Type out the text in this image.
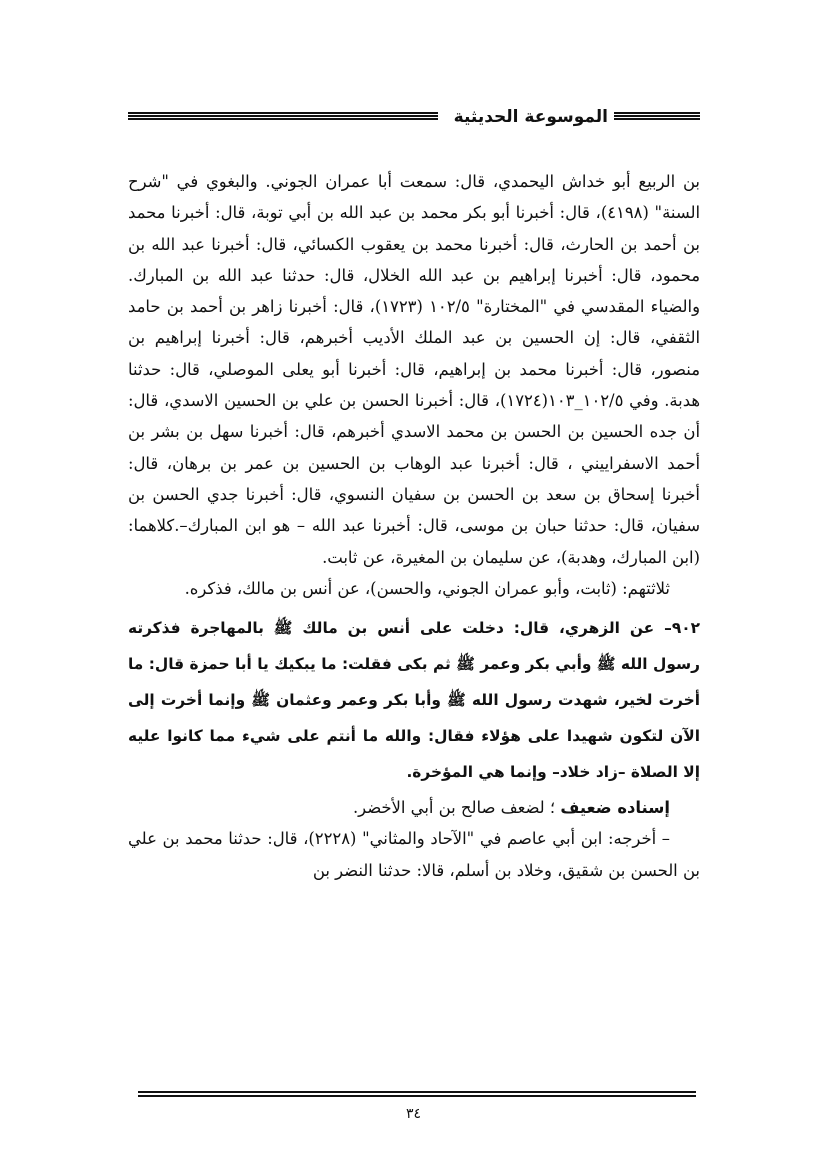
الموسوعة الحديثية

بن الربيع أبو خداش اليحمدي، قال: سمعت أبا عمران الجوني. والبغوي في "شرح السنة" (٤١٩٨)، قال: أخبرنا أبو بكر محمد بن عبد الله بن أبي توبة، قال: أخبرنا محمد بن أحمد بن الحارث، قال: أخبرنا محمد بن يعقوب الكسائي، قال: أخبرنا عبد الله بن محمود، قال: أخبرنا إبراهيم بن عبد الله الخلال، قال: حدثنا عبد الله بن المبارك. والضياء المقدسي في "المختارة" ١٠٢/٥ (١٧٢٣)، قال: أخبرنا زاهر بن أحمد بن حامد الثقفي، قال: إن الحسين بن عبد الملك الأديب أخبرهم، قال: أخبرنا إبراهيم بن منصور، قال: أخبرنا محمد بن إبراهيم، قال: أخبرنا أبو يعلى الموصلي، قال: حدثنا هدبة. وفي ١٠٢/٥_١٠٣(١٧٢٤)، قال: أخبرنا الحسن بن علي بن الحسين الاسدي، قال: أن جده الحسين بن الحسن بن محمد الاسدي أخبرهم، قال: أخبرنا سهل بن بشر بن أحمد الاسفراييني ، قال: أخبرنا عبد الوهاب بن الحسين بن عمر بن برهان، قال: أخبرنا إسحاق بن سعد بن الحسن بن سفيان النسوي، قال: أخبرنا جدي الحسن بن سفيان، قال: حدثنا حبان بن موسى، قال: أخبرنا عبد الله – هو ابن المبارك–.كلاهما: (ابن المبارك، وهدبة)، عن سليمان بن المغيرة، عن ثابت.

ثلاثتهم: (ثابت، وأبو عمران الجوني، والحسن)، عن أنس بن مالك، فذكره.

٩٠٢– عن الزهري، قال: دخلت على أنس بن مالك ﷺ بالمهاجرة فذكرته رسول الله ﷺ وأبي بكر وعمر ﷺ ثم بكى فقلت: ما يبكيك يا أبا حمزة قال: ما أخرت لخير، شهدت رسول الله ﷺ وأبا بكر وعمر وعثمان ﷺ وإنما أخرت إلى الآن لتكون شهيدا على هؤلاء فقال: والله ما أنتم على شيء مما كانوا عليه إلا الصلاة –زاد خلاد– وإنما هي المؤخرة.

إسناده ضعيف ؛ لضعف صالح بن أبي الأخضر.

– أخرجه: ابن أبي عاصم في "الآحاد والمثاني" (٢٢٢٨)، قال: حدثنا محمد بن علي بن الحسن بن شقيق، وخلاد بن أسلم، قالا: حدثنا النضر بن

٣٤
